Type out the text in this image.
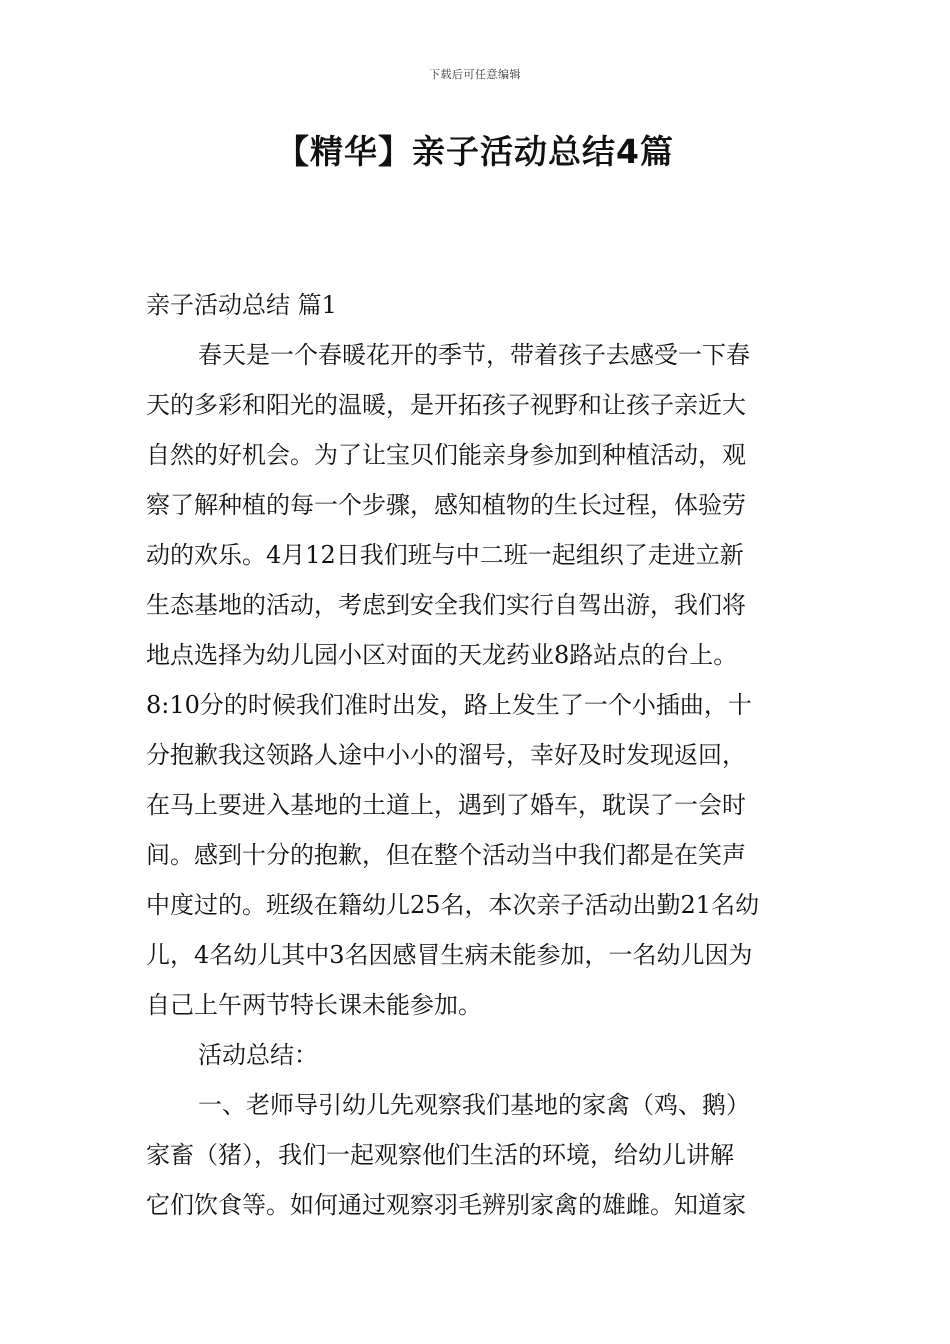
下载后可任意编辑
【精华】亲子活动总结4篇
亲子活动总结 篇1
春天是一个春暖花开的季节，带着孩子去感受一下春
天的多彩和阳光的温暖，是开拓孩子视野和让孩子亲近大
自然的好机会。为了让宝贝们能亲身参加到种植活动，观
察了解种植的每一个步骤，感知植物的生长过程，体验劳
动的欢乐。4月12日我们班与中二班一起组织了走进立新
生态基地的活动，考虑到安全我们实行自驾出游，我们将
地点选择为幼儿园小区对面的天龙药业8路站点的台上。
8:10分的时候我们准时出发，路上发生了一个小插曲，十
分抱歉我这领路人途中小小的溜号，幸好及时发现返回，
在马上要进入基地的土道上，遇到了婚车，耽误了一会时
间。感到十分的抱歉，但在整个活动当中我们都是在笑声
中度过的。班级在籍幼儿25名，本次亲子活动出勤21名幼
儿，4名幼儿其中3名因感冒生病未能参加，一名幼儿因为
自己上午两节特长课未能参加。
活动总结：
一、老师导引幼儿先观察我们基地的家禽（鸡、鹅）
家畜（猪），我们一起观察他们生活的环境，给幼儿讲解
它们饮食等。如何通过观察羽毛辨别家禽的雄雌。知道家
